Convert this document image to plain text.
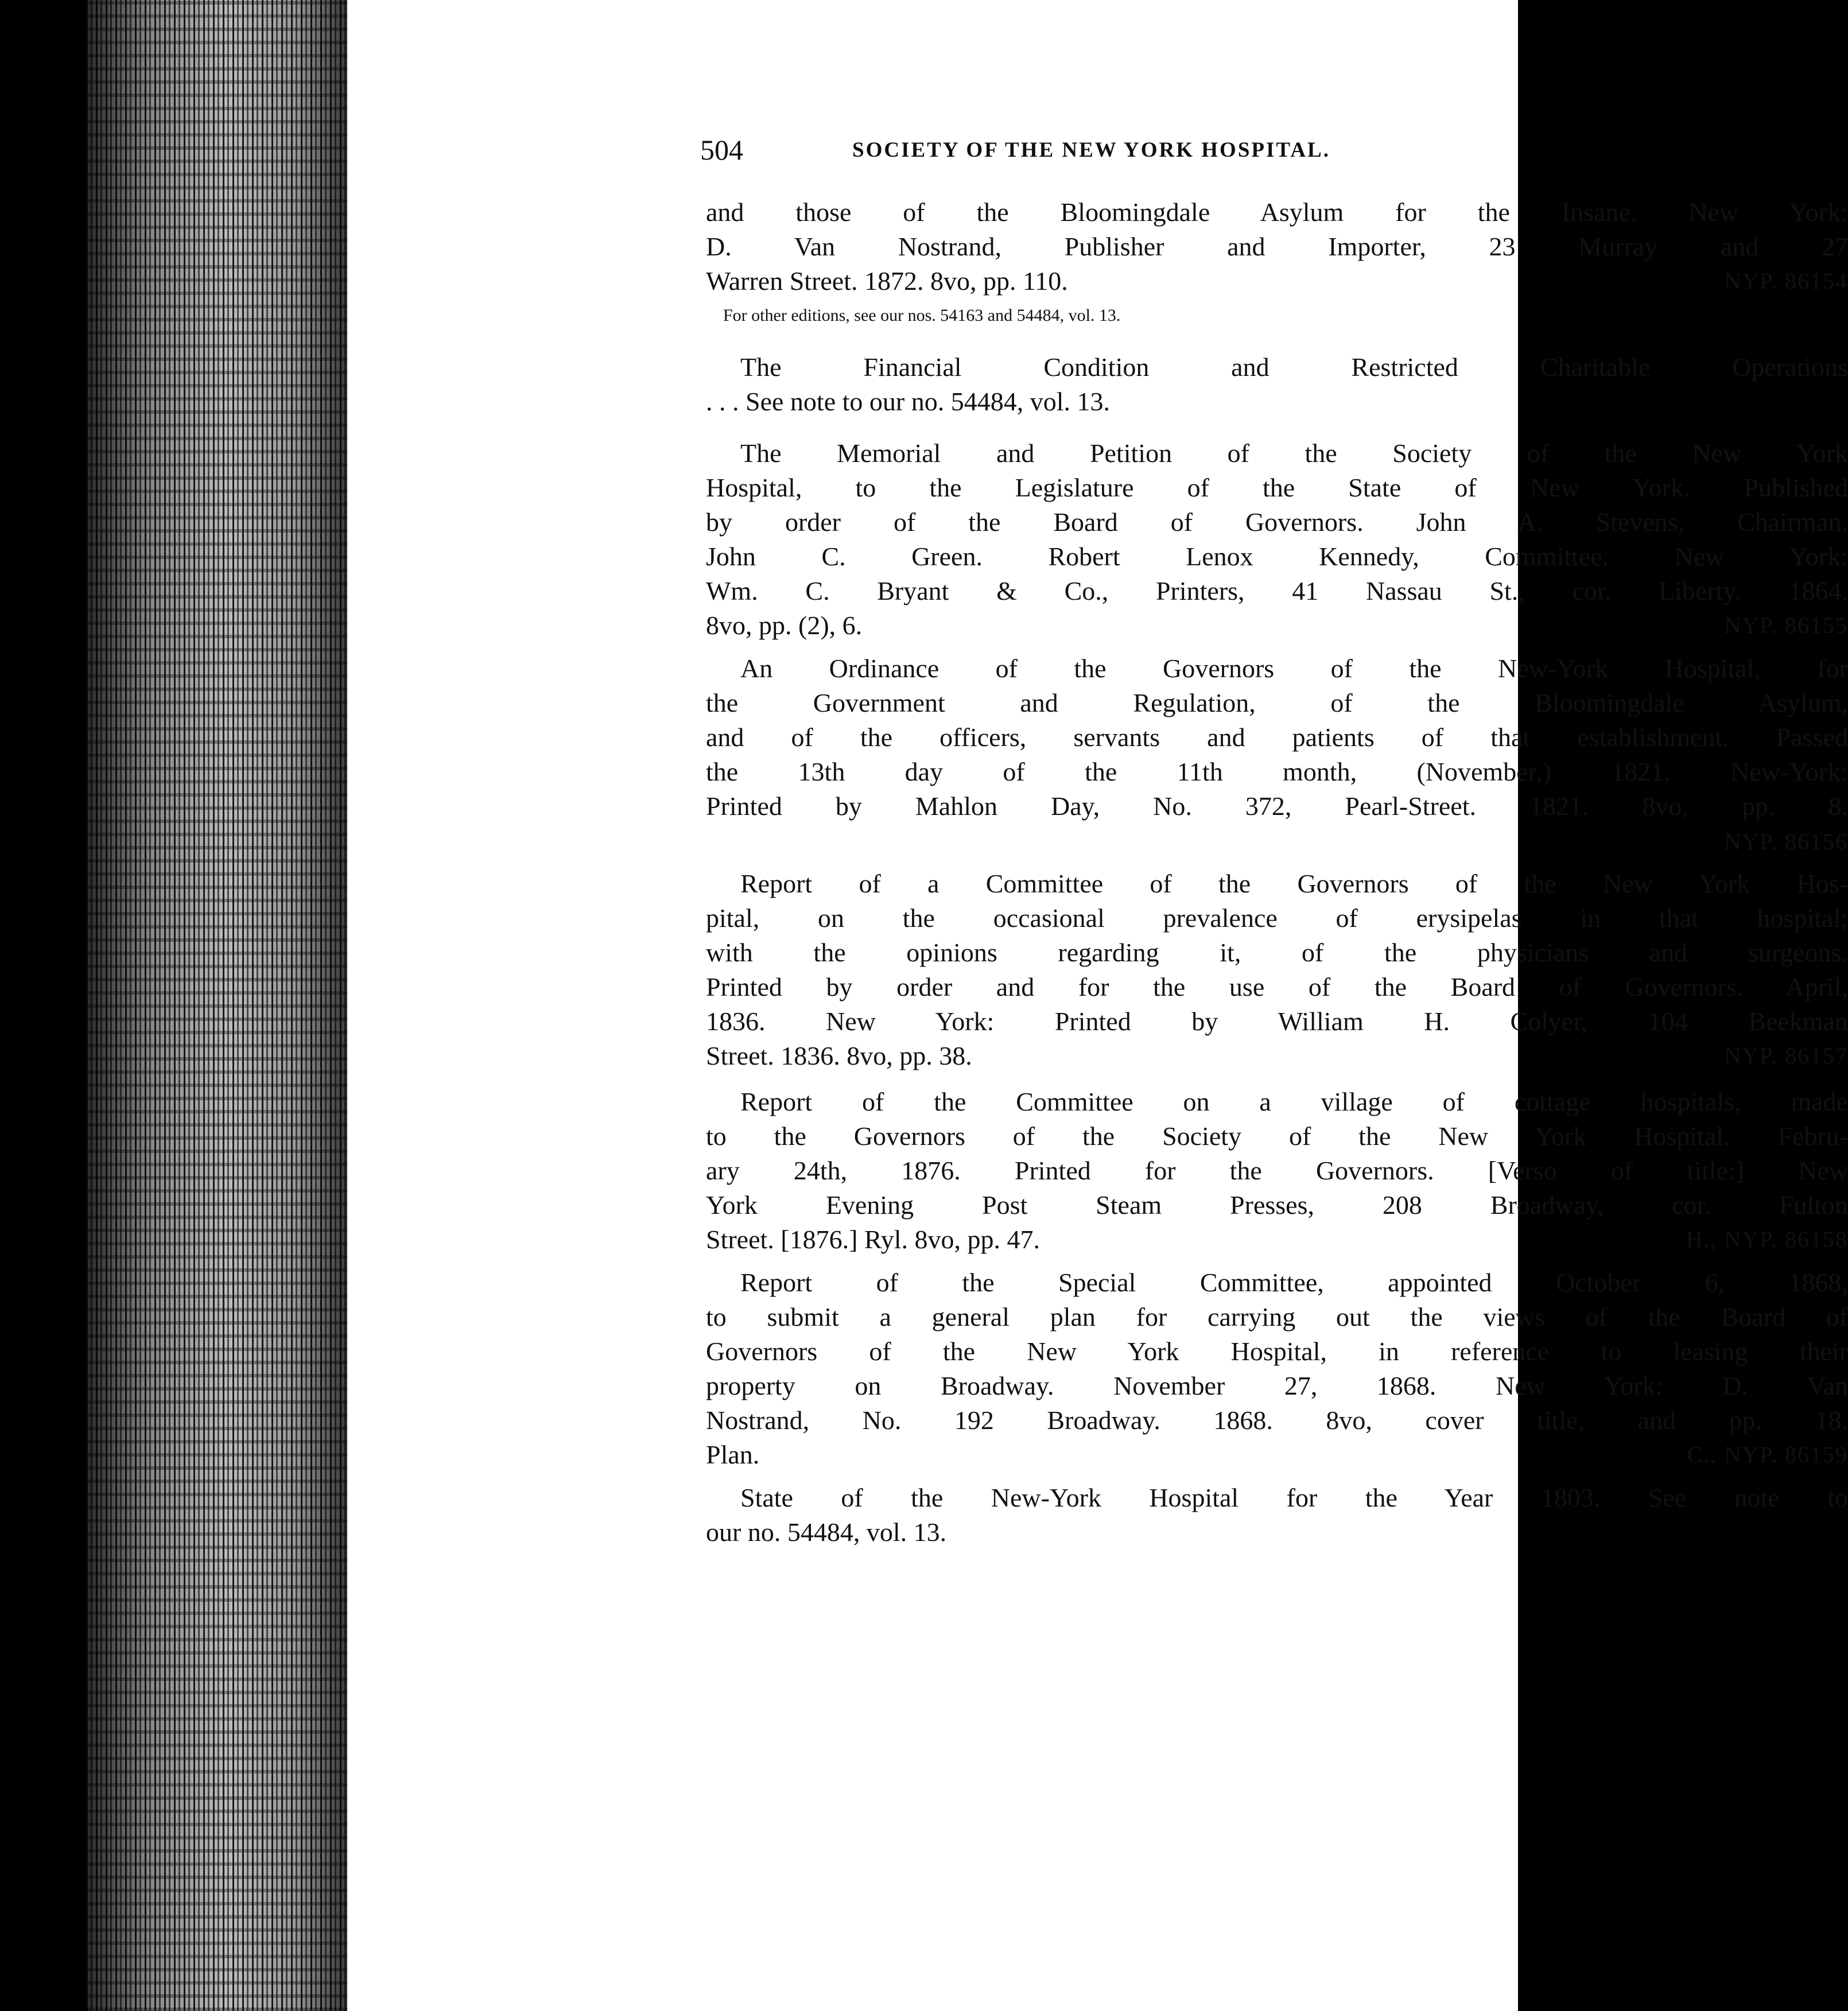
504	SOCIETY OF THE NEW YORK HOSPITAL.
and those of the Bloomingdale Asylum for the Insane. New York:
D. Van Nostrand, Publisher and Importer, 23 Murray and 27
Warren Street. 1872. 8vo, pp. 110.	NYP. 86154
For other editions, see our nos. 54163 and 54484, vol. 13.
The Financial Condition and Restricted Charitable Operations
. . . See note to our no. 54484, vol. 13.
The Memorial and Petition of the Society of the New York
Hospital, to the Legislature of the State of New York. Published
by order of the Board of Governors. John A. Stevens, Chairman.
John C. Green. Robert Lenox Kennedy, Committee. New York:
Wm. C. Bryant & Co., Printers, 41 Nassau St., cor. Liberty. 1864.
8vo, pp. (2), 6.	NYP. 86155
An Ordinance of the Governors of the New-York Hospital, for
the Government and Regulation, of the Bloomingdale Asylum,
and of the officers, servants and patients of that establishment. Passed
the 13th day of the 11th month, (November,) 1821. New-York:
Printed by Mahlon Day, No. 372, Pearl-Street. 1821. 8vo, pp. 8.
NYP. 86156
Report of a Committee of the Governors of the New York Hos-
pital, on the occasional prevalence of erysipelas in that hospital;
with the opinions regarding it, of the physicians and surgeons.
Printed by order and for the use of the Board of Governors. April,
1836. New York: Printed by William H. Colyer, 104 Beekman
Street. 1836. 8vo, pp. 38.	NYP. 86157
Report of the Committee on a village of cottage hospitals, made
to the Governors of the Society of the New York Hospital. Febru-
ary 24th, 1876. Printed for the Governors. [Verso of title:] New
York Evening Post Steam Presses, 208 Broadway, cor. Fulton
Street. [1876.] Ryl. 8vo, pp. 47.	H., NYP. 86158
Report of the Special Committee, appointed October 6, 1868,
to submit a general plan for carrying out the views of the Board of
Governors of the New York Hospital, in reference to leasing their
property on Broadway. November 27, 1868. New York: D. Van
Nostrand, No. 192 Broadway. 1868. 8vo, cover title, and pp. 18.
Plan.	C., NYP. 86159
State of the New-York Hospital for the Year 1803. See note to
our no. 54484, vol. 13.
